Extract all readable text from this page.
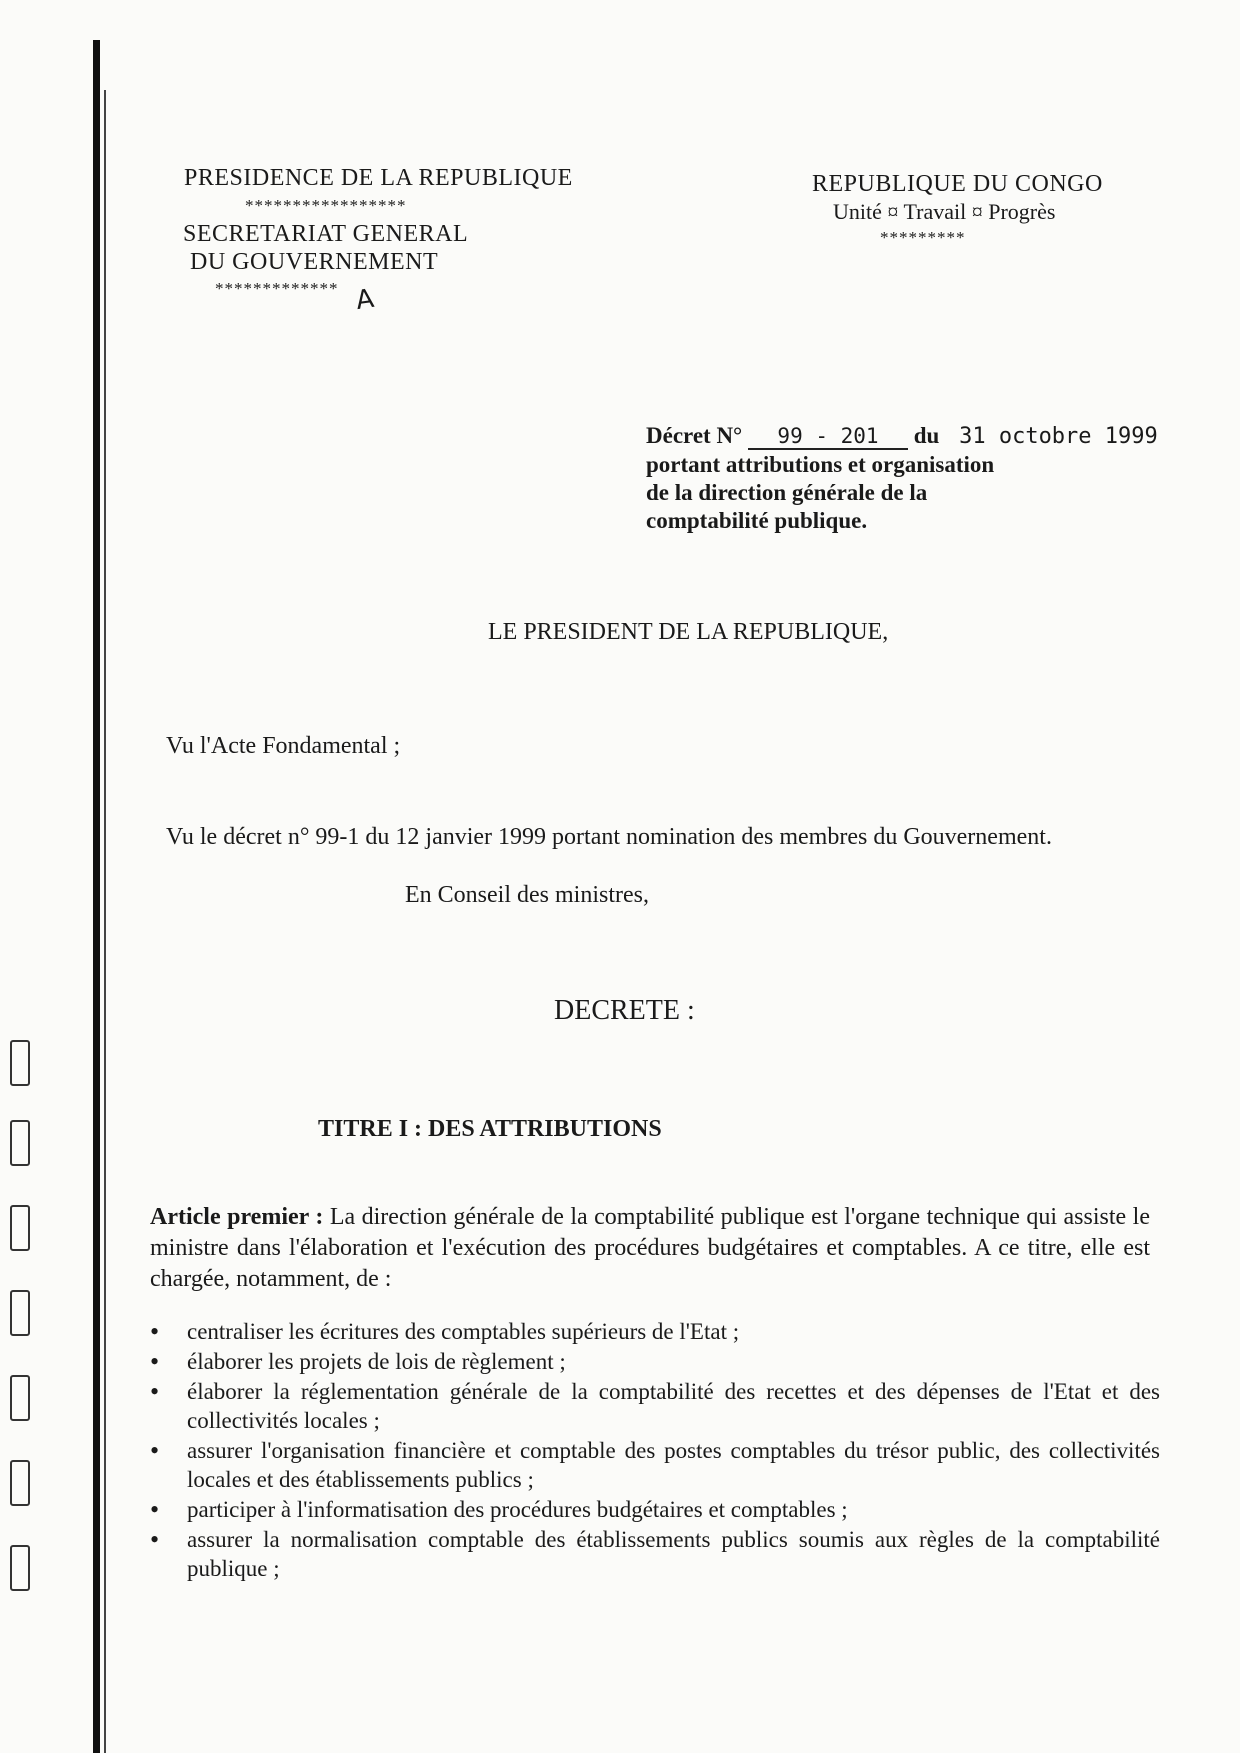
PRESIDENCE DE LA REPUBLIQUE
*****************
SECRETARIAT GENERAL
DU GOUVERNEMENT
************* A
REPUBLIQUE DU CONGO
Unité ¤ Travail ¤ Progrès
*********
Décret N° 99 - 201 du 31 octobre 1999
portant attributions et organisation
de la direction générale de la
comptabilité publique.
LE PRESIDENT DE LA REPUBLIQUE,
Vu l'Acte Fondamental ;
Vu le décret n° 99-1 du 12 janvier 1999 portant nomination des membres du Gouvernement.
En Conseil des ministres,
DECRETE :
TITRE I : DES ATTRIBUTIONS
Article premier : La direction générale de la comptabilité publique est l'organe technique qui assiste le ministre dans l'élaboration et l'exécution des procédures budgétaires et comptables. A ce titre, elle est chargée, notamment, de :
• centraliser les écritures des comptables supérieurs de l'Etat ;
• élaborer les projets de lois de règlement ;
• élaborer la réglementation générale de la comptabilité des recettes et des dépenses de l'Etat et des collectivités locales ;
• assurer l'organisation financière et comptable des postes comptables du trésor public, des collectivités locales et des établissements publics ;
• participer à l'informatisation des procédures budgétaires et comptables ;
• assurer la normalisation comptable des établissements publics soumis aux règles de la comptabilité publique ;
